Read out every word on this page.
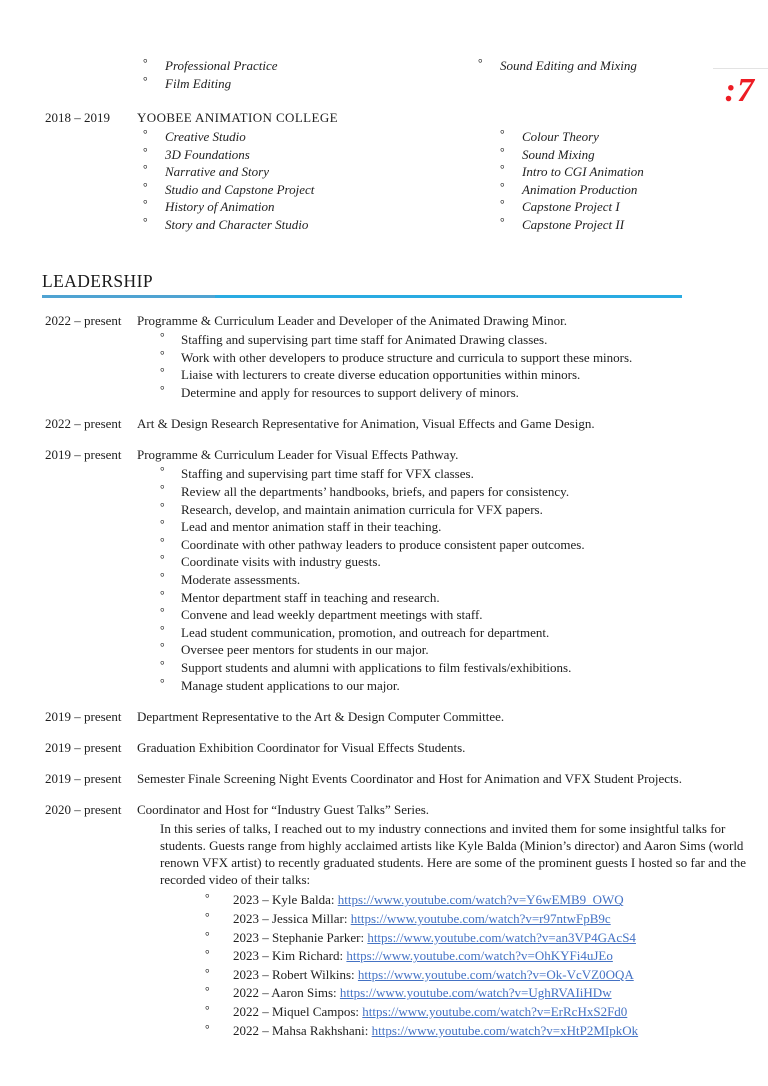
:7
° Professional Practice
° Film Editing
° Sound Editing and Mixing
2018 – 2019 YOOBEE ANIMATION COLLEGE
° Creative Studio
° 3D Foundations
° Narrative and Story
° Studio and Capstone Project
° History of Animation
° Story and Character Studio
° Colour Theory
° Sound Mixing
° Intro to CGI Animation
° Animation Production
° Capstone Project I
° Capstone Project II
LEADERSHIP
2022 – present	Programme & Curriculum Leader and Developer of the Animated Drawing Minor.
° Staffing and supervising part time staff for Animated Drawing classes.
° Work with other developers to produce structure and curricula to support these minors.
° Liaise with lecturers to create diverse education opportunities within minors.
° Determine and apply for resources to support delivery of minors.
2022 – present	Art & Design Research Representative for Animation, Visual Effects and Game Design.
2019 – present	Programme & Curriculum Leader for Visual Effects Pathway.
° Staffing and supervising part time staff for VFX classes.
° Review all the departments’ handbooks, briefs, and papers for consistency.
° Research, develop, and maintain animation curricula for VFX papers.
° Lead and mentor animation staff in their teaching.
° Coordinate with other pathway leaders to produce consistent paper outcomes.
° Coordinate visits with industry guests.
° Moderate assessments.
° Mentor department staff in teaching and research.
° Convene and lead weekly department meetings with staff.
° Lead student communication, promotion, and outreach for department.
° Oversee peer mentors for students in our major.
° Support students and alumni with applications to film festivals/exhibitions.
° Manage student applications to our major.
2019 – present	Department Representative to the Art & Design Computer Committee.
2019 – present	Graduation Exhibition Coordinator for Visual Effects Students.
2019 – present	Semester Finale Screening Night Events Coordinator and Host for Animation and VFX Student Projects.
2020 – present	Coordinator and Host for “Industry Guest Talks” Series.

In this series of talks, I reached out to my industry connections and invited them for some insightful talks for students. Guests range from highly acclaimed artists like Kyle Balda (Minion’s director) and Aaron Sims (world renown VFX artist) to recently graduated students. Here are some of the prominent guests I hosted so far and the recorded video of their talks:

° 2023 – Kyle Balda: https://www.youtube.com/watch?v=Y6wEMB9_OWQ
° 2023 – Jessica Millar: https://www.youtube.com/watch?v=r97ntwFpB9c
° 2023 – Stephanie Parker: https://www.youtube.com/watch?v=an3VP4GAcS4
° 2023 – Kim Richard: https://www.youtube.com/watch?v=OhKYFi4uJEo
° 2023 – Robert Wilkins: https://www.youtube.com/watch?v=Ok-VcVZ0OQA
° 2022 – Aaron Sims: https://www.youtube.com/watch?v=UghRVAIiHDw
° 2022 – Miquel Campos: https://www.youtube.com/watch?v=ErRcHxS2Fd0
° 2022 – Mahsa Rakhshani: https://www.youtube.com/watch?v=xHtP2MIpkOk
